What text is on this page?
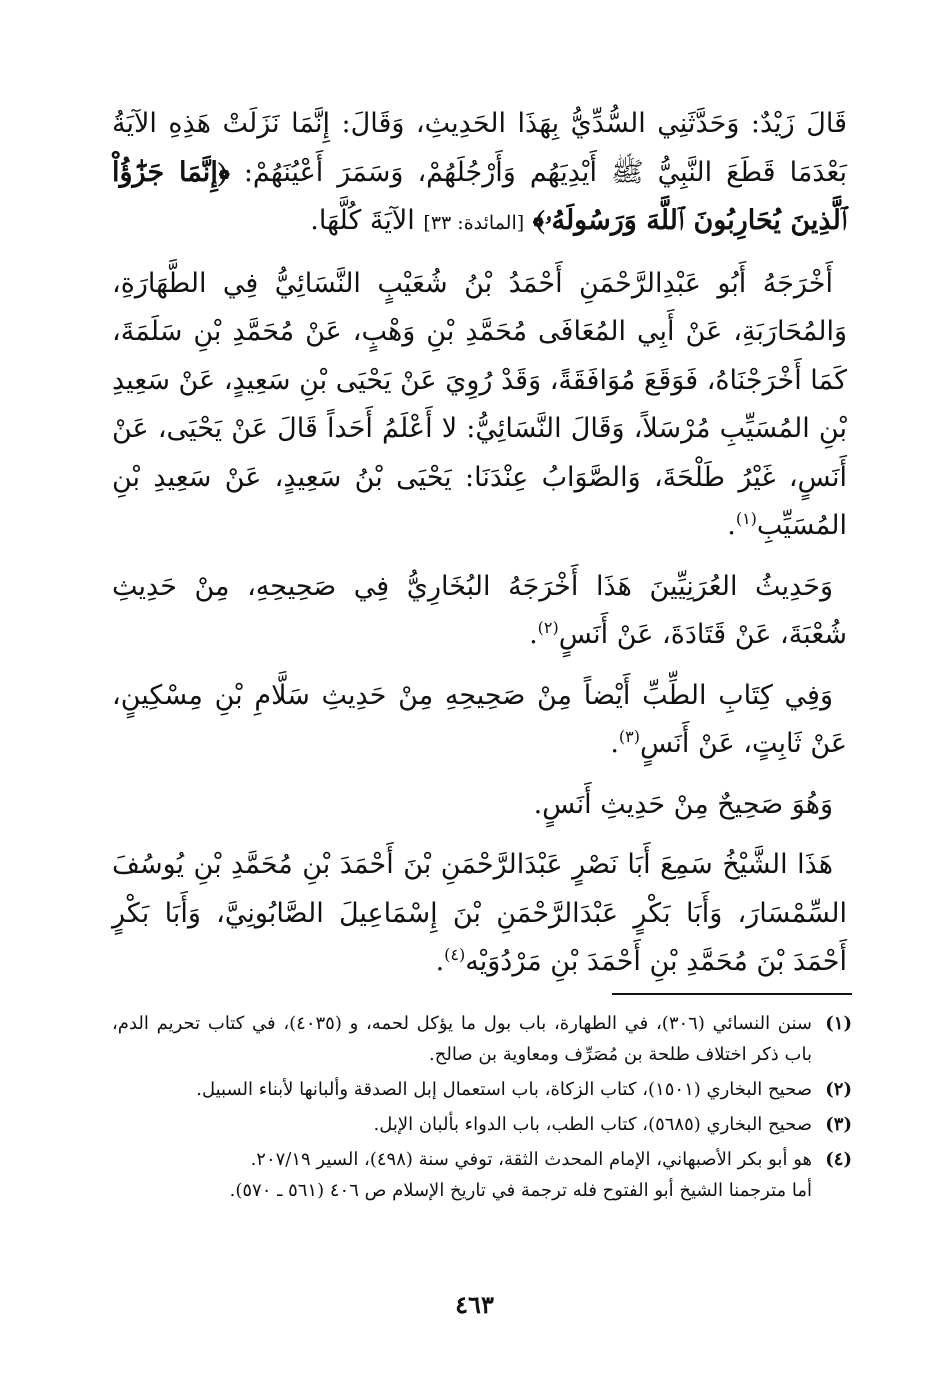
قَالَ زَيْدٌ: وَحَدَّثَنِي السُّدِّيُّ بِهَذَا الحَدِيثِ، وَقَالَ: إِنَّمَا نَزَلَتْ هَذِهِ الآيَةُ بَعْدَمَا قَطَعَ النَّبِيُّ ﷺ أَيْدِيَهُم وَأَرْجُلَهُمْ، وَسَمَرَ أَعْيُنَهُمْ: ﴿إِنَّمَا جَزَٰٓؤُاْ ٱلَّذِينَ يُحَارِبُونَ ٱللَّهَ وَرَسُولَهُۥ﴾ [المائدة: ٣٣] الآيَةَ كُلَّهَا.

أَخْرَجَهُ أَبُو عَبْدِالرَّحْمَنِ أَحْمَدُ بْنُ شُعَيْبٍ النَّسَائِيُّ فِي الطَّهَارَةِ، وَالمُحَارَبَةِ، عَنْ أَبِي المُعَافَى مُحَمَّدِ بْنِ وَهْبٍ، عَنْ مُحَمَّدِ بْنِ سَلَمَةَ، كَمَا أَخْرَجْنَاهُ، فَوَقَعَ مُوَافَقَةً، وَقَدْ رُوِيَ عَنْ يَحْيَى بْنِ سَعِيدٍ، عَنْ سَعِيدِ بْنِ المُسَيِّبِ مُرْسَلاً، وَقَالَ النَّسَائِيُّ: لا أَعْلَمُ أَحَداً قَالَ عَنْ يَحْيَى، عَنْ أَنَسٍ، غَيْرُ طَلْحَةَ، وَالصَّوَابُ عِنْدَنَا: يَحْيَى بْنُ سَعِيدٍ، عَنْ سَعِيدِ بْنِ المُسَيِّبِ$^{(١)}$.

وَحَدِيثُ العُرَنِيِّينَ هَذَا أَخْرَجَهُ البُخَارِيُّ فِي صَحِيحِهِ، مِنْ حَدِيثِ شُعْبَةَ، عَنْ قَتَادَةَ، عَنْ أَنَسٍ$^{(٢)}$.

وَفِي كِتَابِ الطِّبِّ أَيْضاً مِنْ صَحِيحِهِ مِنْ حَدِيثِ سَلَّامِ بْنِ مِسْكِينٍ، عَنْ ثَابِتٍ، عَنْ أَنَسٍ$^{(٣)}$.

وَهُوَ صَحِيحٌ مِنْ حَدِيثِ أَنَسٍ.

هَذَا الشَّيْخُ سَمِعَ أَبَا نَصْرٍ عَبْدَالرَّحْمَنِ بْنَ أَحْمَدَ بْنِ مُحَمَّدِ بْنِ يُوسُفَ السِّمْسَارَ، وَأَبَا بَكْرٍ عَبْدَالرَّحْمَنِ بْنَ إِسْمَاعِيلَ الصَّابُونِيَّ، وَأَبَا بَكْرٍ أَحْمَدَ بْنَ مُحَمَّدِ بْنِ أَحْمَدَ بْنِ مَرْدُوَيْه$^{(٤)}$.

(١)
سنن النسائي (٣٠٦)، في الطهارة، باب بول ما يؤكل لحمه، و (٤٠٣٥)، في كتاب تحريم الدم، باب ذكر اختلاف طلحة بن مُصَرِّف ومعاوية بن صالح.
(٢)
صحيح البخاري (١٥٠١)، كتاب الزكاة، باب استعمال إبل الصدقة وألبانها لأبناء السبيل.
(٣)
صحيح البخاري (٥٦٨٥)، كتاب الطب، باب الدواء بألبان الإبل.
(٤)
هو أبو بكر الأصبهاني، الإمام المحدث الثقة، توفي سنة (٤٩٨)، السير ٢٠٧/١٩.
أما مترجمنا الشيخ أبو الفتوح فله ترجمة في تاريخ الإسلام ص ٤٠٦ (٥٦١ ـ ٥٧٠).
٤٦٣
